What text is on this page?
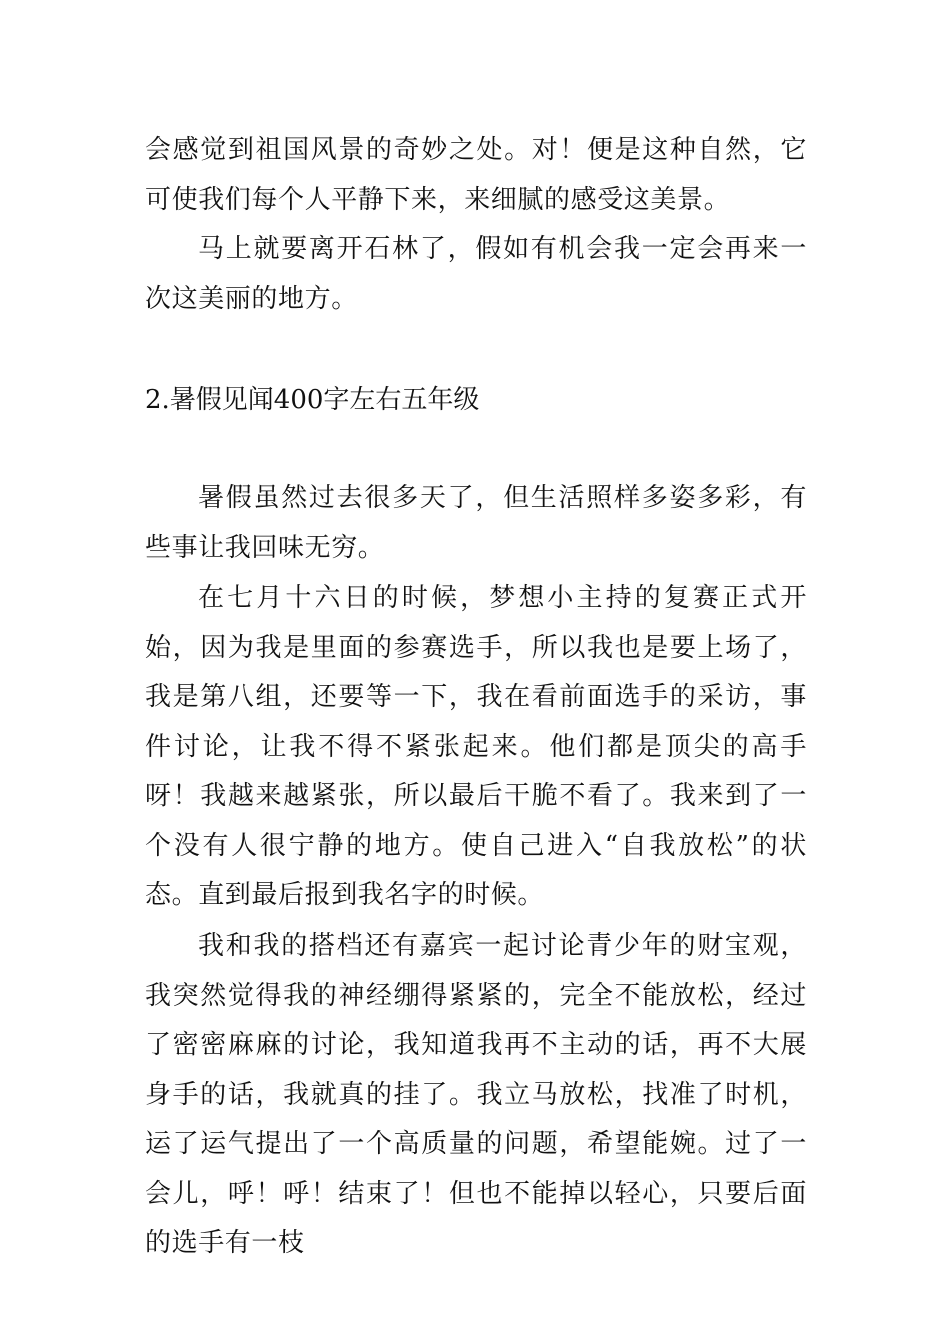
会感觉到祖国风景的奇妙之处。对！便是这种自然，它可使我们每个人平静下来，来细腻的感受这美景。

马上就要离开石林了，假如有机会我一定会再来一次这美丽的地方。

2.暑假见闻400字左右五年级

暑假虽然过去很多天了，但生活照样多姿多彩，有些事让我回味无穷。

在七月十六日的时候，梦想小主持的复赛正式开始，因为我是里面的参赛选手，所以我也是要上场了，我是第八组，还要等一下，我在看前面选手的采访，事件讨论，让我不得不紧张起来。他们都是顶尖的高手呀！我越来越紧张，所以最后干脆不看了。我来到了一个没有人很宁静的地方。使自己进入“自我放松”的状态。直到最后报到我名字的时候。

我和我的搭档还有嘉宾一起讨论青少年的财宝观，我突然觉得我的神经绷得紧紧的，完全不能放松，经过了密密麻麻的讨论，我知道我再不主动的话，再不大展身手的话，我就真的挂了。我立马放松，找准了时机，运了运气提出了一个高质量的问题，希望能婉。过了一会儿，呼！呼！结束了！但也不能掉以轻心，只要后面的选手有一枝
